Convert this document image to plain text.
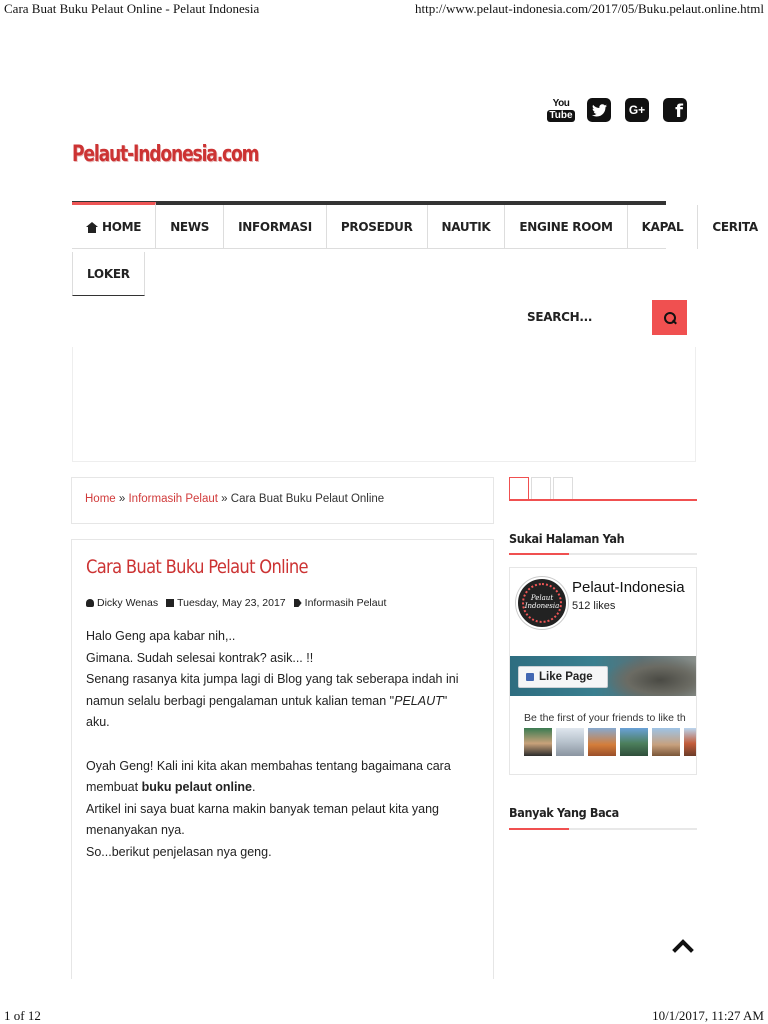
Cara Buat Buku Pelaut Online - Pelaut Indonesia	http://www.pelaut-indonesia.com/2017/05/Buku.pelaut.online.html
You
Tube	G+	f
Pelaut-Indonesia.com
HOME	NEWS	INFORMASI	PROSEDUR	NAUTIK	ENGINE ROOM	KAPAL	CERITA
LOKER
SEARCH...
Home » Informasih Pelaut » Cara Buat Buku Pelaut Online
Cara Buat Buku Pelaut Online
Dicky Wenas	Tuesday, May 23, 2017	Informasih Pelaut

Halo Geng apa kabar nih,..

Gimana. Sudah selesai kontrak? asik... !!

Senang rasanya kita jumpa lagi di Blog yang tak seberapa indah ini

namun selalu berbagi pengalaman untuk kalian teman "PELAUT"

aku.

Oyah Geng! Kali ini kita akan membahas tentang bagaimana cara

membuat buku pelaut online.

Artikel ini saya buat karna makin banyak teman pelaut kita yang

menanyakan nya.

So...berikut penjelasan nya geng.

Sukai Halaman Yah
Pelaut Indonesia
Pelaut-Indonesia
512 likes
Like Page
Be the first of your friends to like th
Banyak Yang Baca
1 of 12	10/1/2017, 11:27 AM
